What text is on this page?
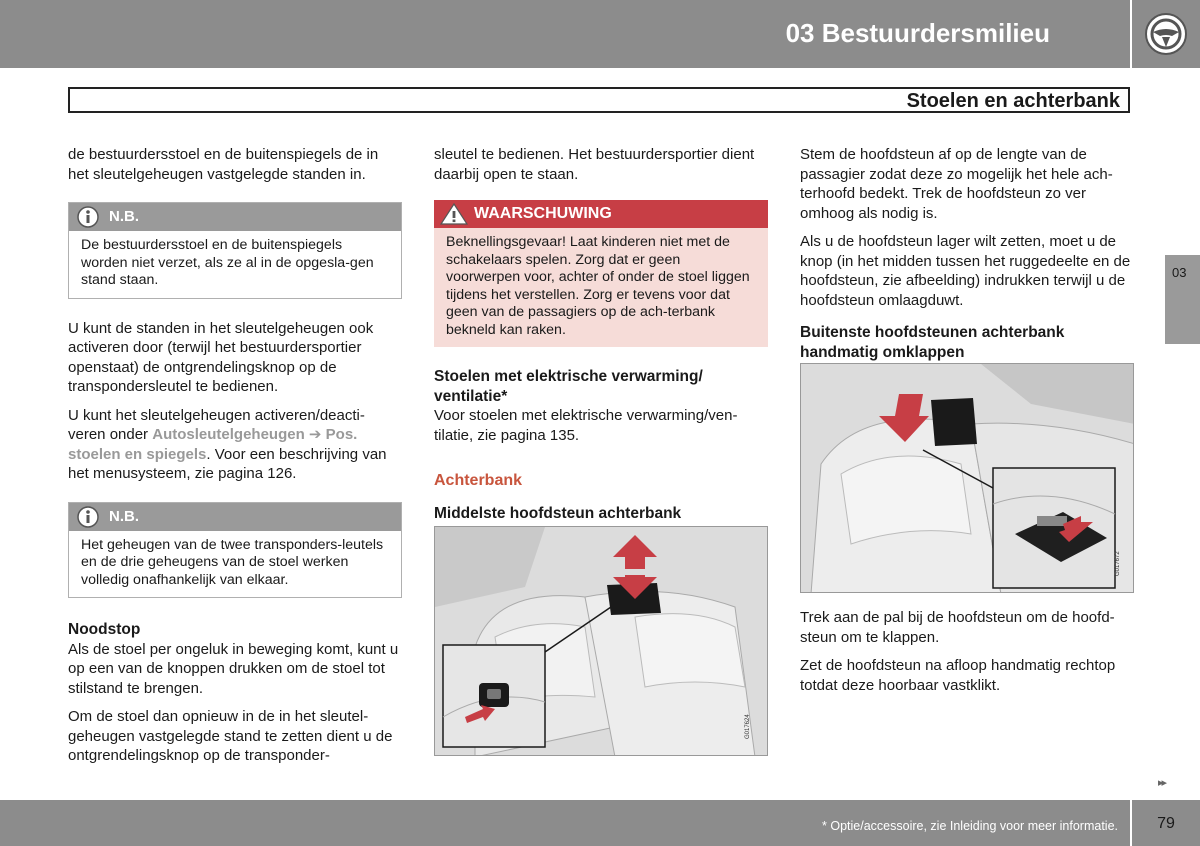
03 Bestuurdersmilieu
Stoelen en achterbank
03

de bestuurdersstoel en de buitenspiegels de in het sleutelgeheugen vastgelegde standen in.

N.B.
De bestuurdersstoel en de buitenspiegels worden niet verzet, als ze al in de opgesla-gen stand staan.

U kunt de standen in het sleutelgeheugen ook activeren door (terwijl het bestuurdersportier openstaat) de ontgrendelingsknop op de transpondersleutel te bedienen.

U kunt het sleutelgeheugen activeren/deacti-veren onder Autosleutelgeheugen ➔ Pos. stoelen en spiegels. Voor een beschrijving van het menusysteem, zie pagina 126.

N.B.
Het geheugen van de twee transponders-leutels en de drie geheugens van de stoel werken volledig onafhankelijk van elkaar.

Noodstop

Als de stoel per ongeluk in beweging komt, kunt u op een van de knoppen drukken om de stoel tot stilstand te brengen.

Om de stoel dan opnieuw in de in het sleutel-geheugen vastgelegde stand te zetten dient u de ontgrendelingsknop op de transponder-

sleutel te bedienen. Het bestuurdersportier dient daarbij open te staan.

WAARSCHUWING
Beknellingsgevaar! Laat kinderen niet met de schakelaars spelen. Zorg dat er geen voorwerpen voor, achter of onder de stoel liggen tijdens het verstellen. Zorg er tevens voor dat geen van de passagiers op de ach-terbank bekneld kan raken.

Stoelen met elektrische verwarming/ ventilatie*

Voor stoelen met elektrische verwarming/ven-tilatie, zie pagina 135.

Achterbank

Middelste hoofdsteun achterbank

G017624

Stem de hoofdsteun af op de lengte van de passagier zodat deze zo mogelijk het hele ach-terhoofd bedekt. Trek de hoofdsteun zo ver omhoog als nodig is.

Als u de hoofdsteun lager wilt zetten, moet u de knop (in het midden tussen het ruggedeelte en de hoofdsteun, zie afbeelding) indrukken terwijl u de hoofdsteun omlaagduwt.

Buitenste hoofdsteunen achterbank handmatig omklappen

G017672

Trek aan de pal bij de hoofdsteun om de hoofd-steun om te klappen.

Zet de hoofdsteun na afloop handmatig rechtop totdat deze hoorbaar vastklikt.

▸▸
* Optie/accessoire, zie Inleiding voor meer informatie.	79
